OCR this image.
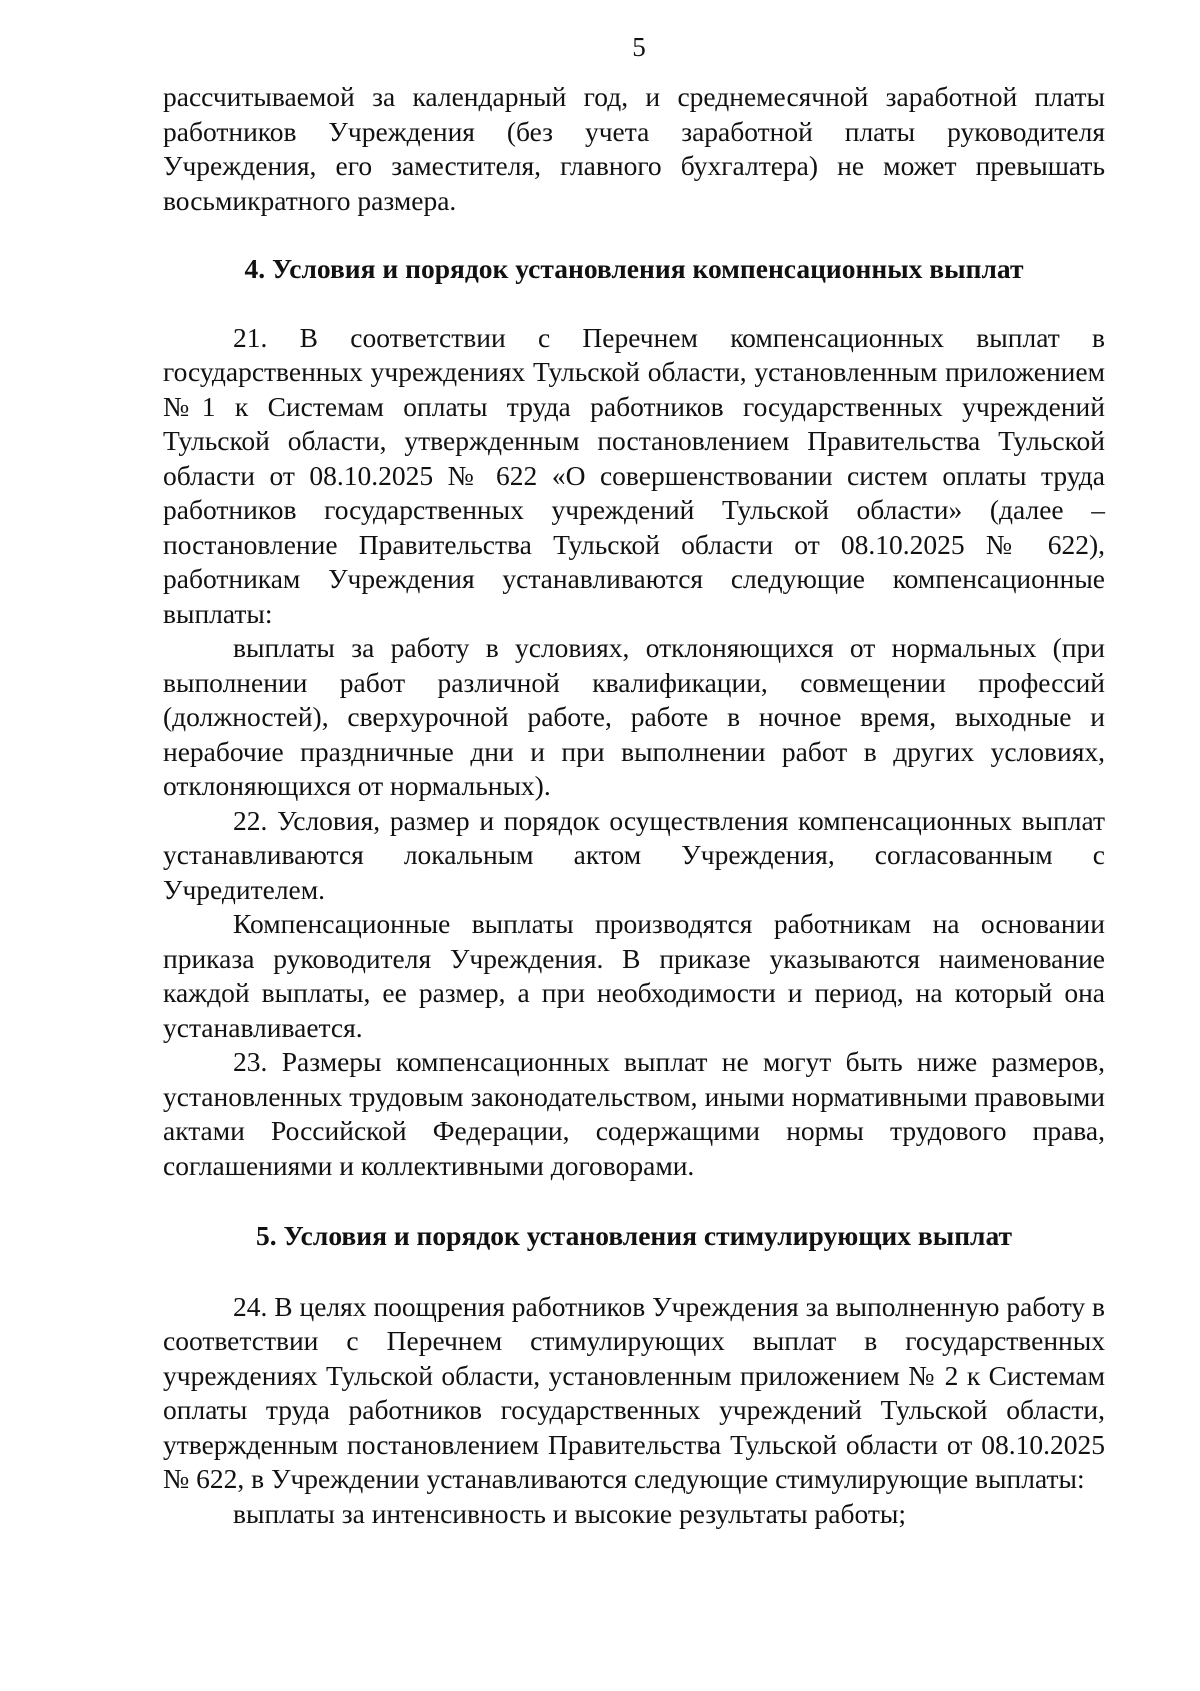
5

рассчитываемой за календарный год, и среднемесячной заработной платы работников Учреждения (без учета заработной платы руководителя Учреждения, его заместителя, главного бухгалтера) не может превышать восьмикратного размера.

4. Условия и порядок установления компенсационных выплат

21. В соответствии с Перечнем компенсационных выплат в государственных учреждениях Тульской области, установленным приложением №1 к Системам оплаты труда работников государственных учреждений Тульской области, утвержденным постановлением Правительства Тульской области от 08.10.2025 № 622 «О совершенствовании систем оплаты труда работников государственных учреждений Тульской области» (далее – постановление Правительства Тульской области от 08.10.2025 № 622), работникам Учреждения устанавливаются следующие компенсационные выплаты:

выплаты за работу в условиях, отклоняющихся от нормальных (при выполнении работ различной квалификации, совмещении профессий (должностей), сверхурочной работе, работе в ночное время, выходные и нерабочие праздничные дни и при выполнении работ в других условиях, отклоняющихся от нормальных).

22. Условия, размер и порядок осуществления компенсационных выплат устанавливаются локальным актом Учреждения, согласованным с Учредителем.

Компенсационные выплаты производятся работникам на основании приказа руководителя Учреждения. В приказе указываются наименование каждой выплаты, ее размер, а при необходимости и период, на который она устанавливается.

23. Размеры компенсационных выплат не могут быть ниже размеров, установленных трудовым законодательством, иными нормативными правовыми актами Российской Федерации, содержащими нормы трудового права, соглашениями и коллективными договорами.

5. Условия и порядок установления стимулирующих выплат

24. В целях поощрения работников Учреждения за выполненную работу в соответствии с Перечнем стимулирующих выплат в государственных учреждениях Тульской области, установленным приложением № 2 к Системам оплаты труда работников государственных учреждений Тульской области, утвержденным постановлением Правительства Тульской области от 08.10.2025 № 622, в Учреждении устанавливаются следующие стимулирующие выплаты:

выплаты за интенсивность и высокие результаты работы;
